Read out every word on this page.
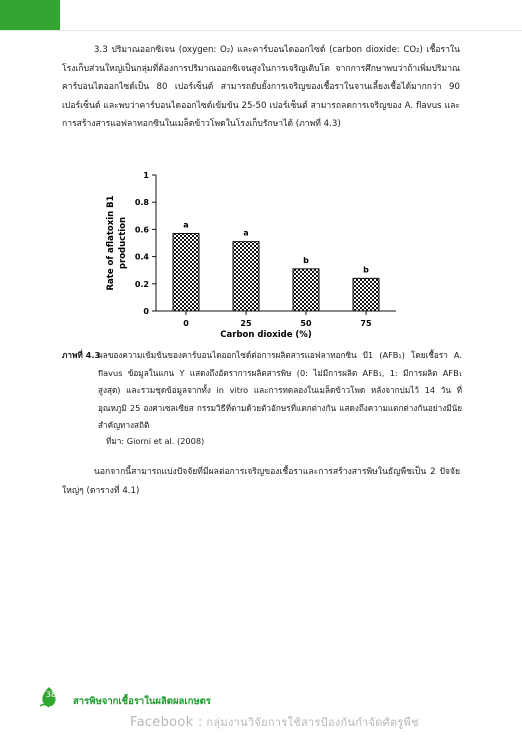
3.3 ปริมาณออกซิเจน (oxygen: O₂) และคาร์บอนไดออกไซด์ (carbon dioxide: CO₂) เชื้อราในโรงเก็บส่วนใหญ่เป็นกลุ่มที่ต้องการปริมาณออกซิเจนสูงในการเจริญเติบโต จากการศึกษาพบว่าถ้าเพิ่มปริมาณคาร์บอนไดออกไซด์เป็น 80 เปอร์เซ็นต์ สามารถยับยั้งการเจริญของเชื้อราในจานเลี้ยงเชื้อได้มากกว่า 90 เปอร์เซ็นต์ และพบว่าคาร์บอนไดออกไซด์เข้มข้น 25-50 เปอร์เซ็นต์ สามารถลดการเจริญของ A. flavus และการสร้างสารแอฟลาทอกซินในเมล็ดข้าวโพดในโรงเก็บรักษาได้ (ภาพที่ 4.3)
0
0.2
0.4
0.6
0.8
1
0
a
25
a
50
b
75
b
Carbon dioxide (%)
Rate of aflatoxin B1 production
ภาพที่ 4.3
ผลของความเข้มข้นของคาร์บอนไดออกไซด์ต่อการผลิตสารแอฟลาทอกซิน บี1 (AFB₁) โดยเชื้อรา A. flavus ข้อมูลในแกน Y แสดงถึงอัตราการผลิตสารพิษ (0: ไม่มีการผลิต AFB₁, 1: มีการผลิต AFB₁ สูงสุด) และรวมชุดข้อมูลจากทั้ง in vitro และการทดลองในเมล็ดข้าวโพด หลังจากบ่มไว้ 14 วัน ที่อุณหภูมิ 25 องศาเซลเซียส กรรมวิธีที่ตามด้วยตัวอักษรที่แตกต่างกัน แสดงถึงความแตกต่างกันอย่างมีนัยสำคัญทางสถิติ
ที่มา: Giorni et al. (2008)
นอกจากนี้สามารถแบ่งปัจจัยที่มีผลต่อการเจริญของเชื้อราและการสร้างสารพิษในธัญพืชเป็น 2 ปัจจัยใหญ่ๆ (ตารางที่ 4.1)
38
สารพิษจากเชื้อราในผลิตผลเกษตร
Facebook : กลุ่มงานวิจัยการใช้สารป้องกันกำจัดศัตรูพืช
